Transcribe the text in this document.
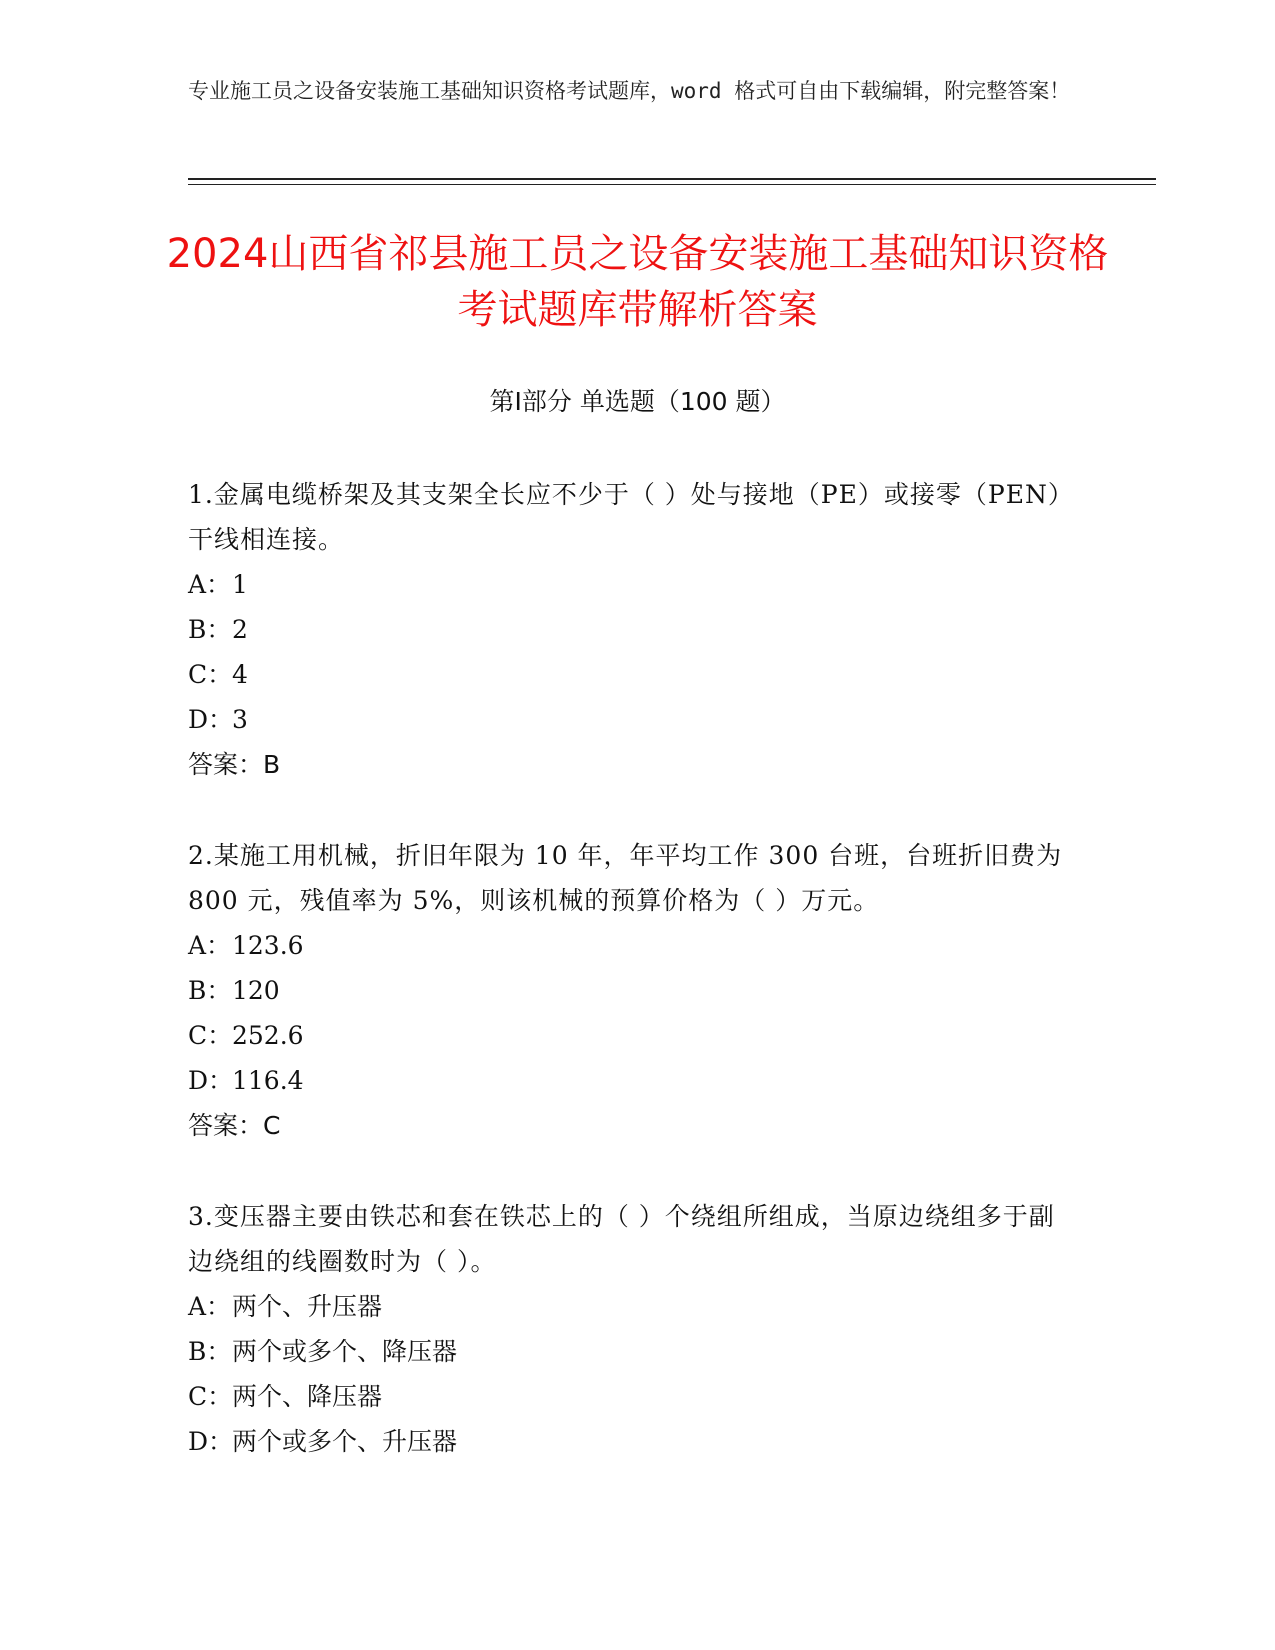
专业施工员之设备安装施工基础知识资格考试题库，word 格式可自由下载编辑，附完整答案！
2024山西省祁县施工员之设备安装施工基础知识资格考试题库带解析答案
第Ⅰ部分 单选题（100 题）

1.金属电缆桥架及其支架全长应不少于（ ）处与接地（PE）或接零（PEN）干线相连接。

A：1

B：2

C：4

D：3

答案：B

2.某施工用机械，折旧年限为 10 年，年平均工作 300 台班，台班折旧费为 800 元，残值率为 5%，则该机械的预算价格为（ ）万元。

A：123.6

B：120

C：252.6

D：116.4

答案：C

3.变压器主要由铁芯和套在铁芯上的（ ）个绕组所组成，当原边绕组多于副边绕组的线圈数时为（ ）。

A：两个、升压器

B：两个或多个、降压器

C：两个、降压器

D：两个或多个、升压器
